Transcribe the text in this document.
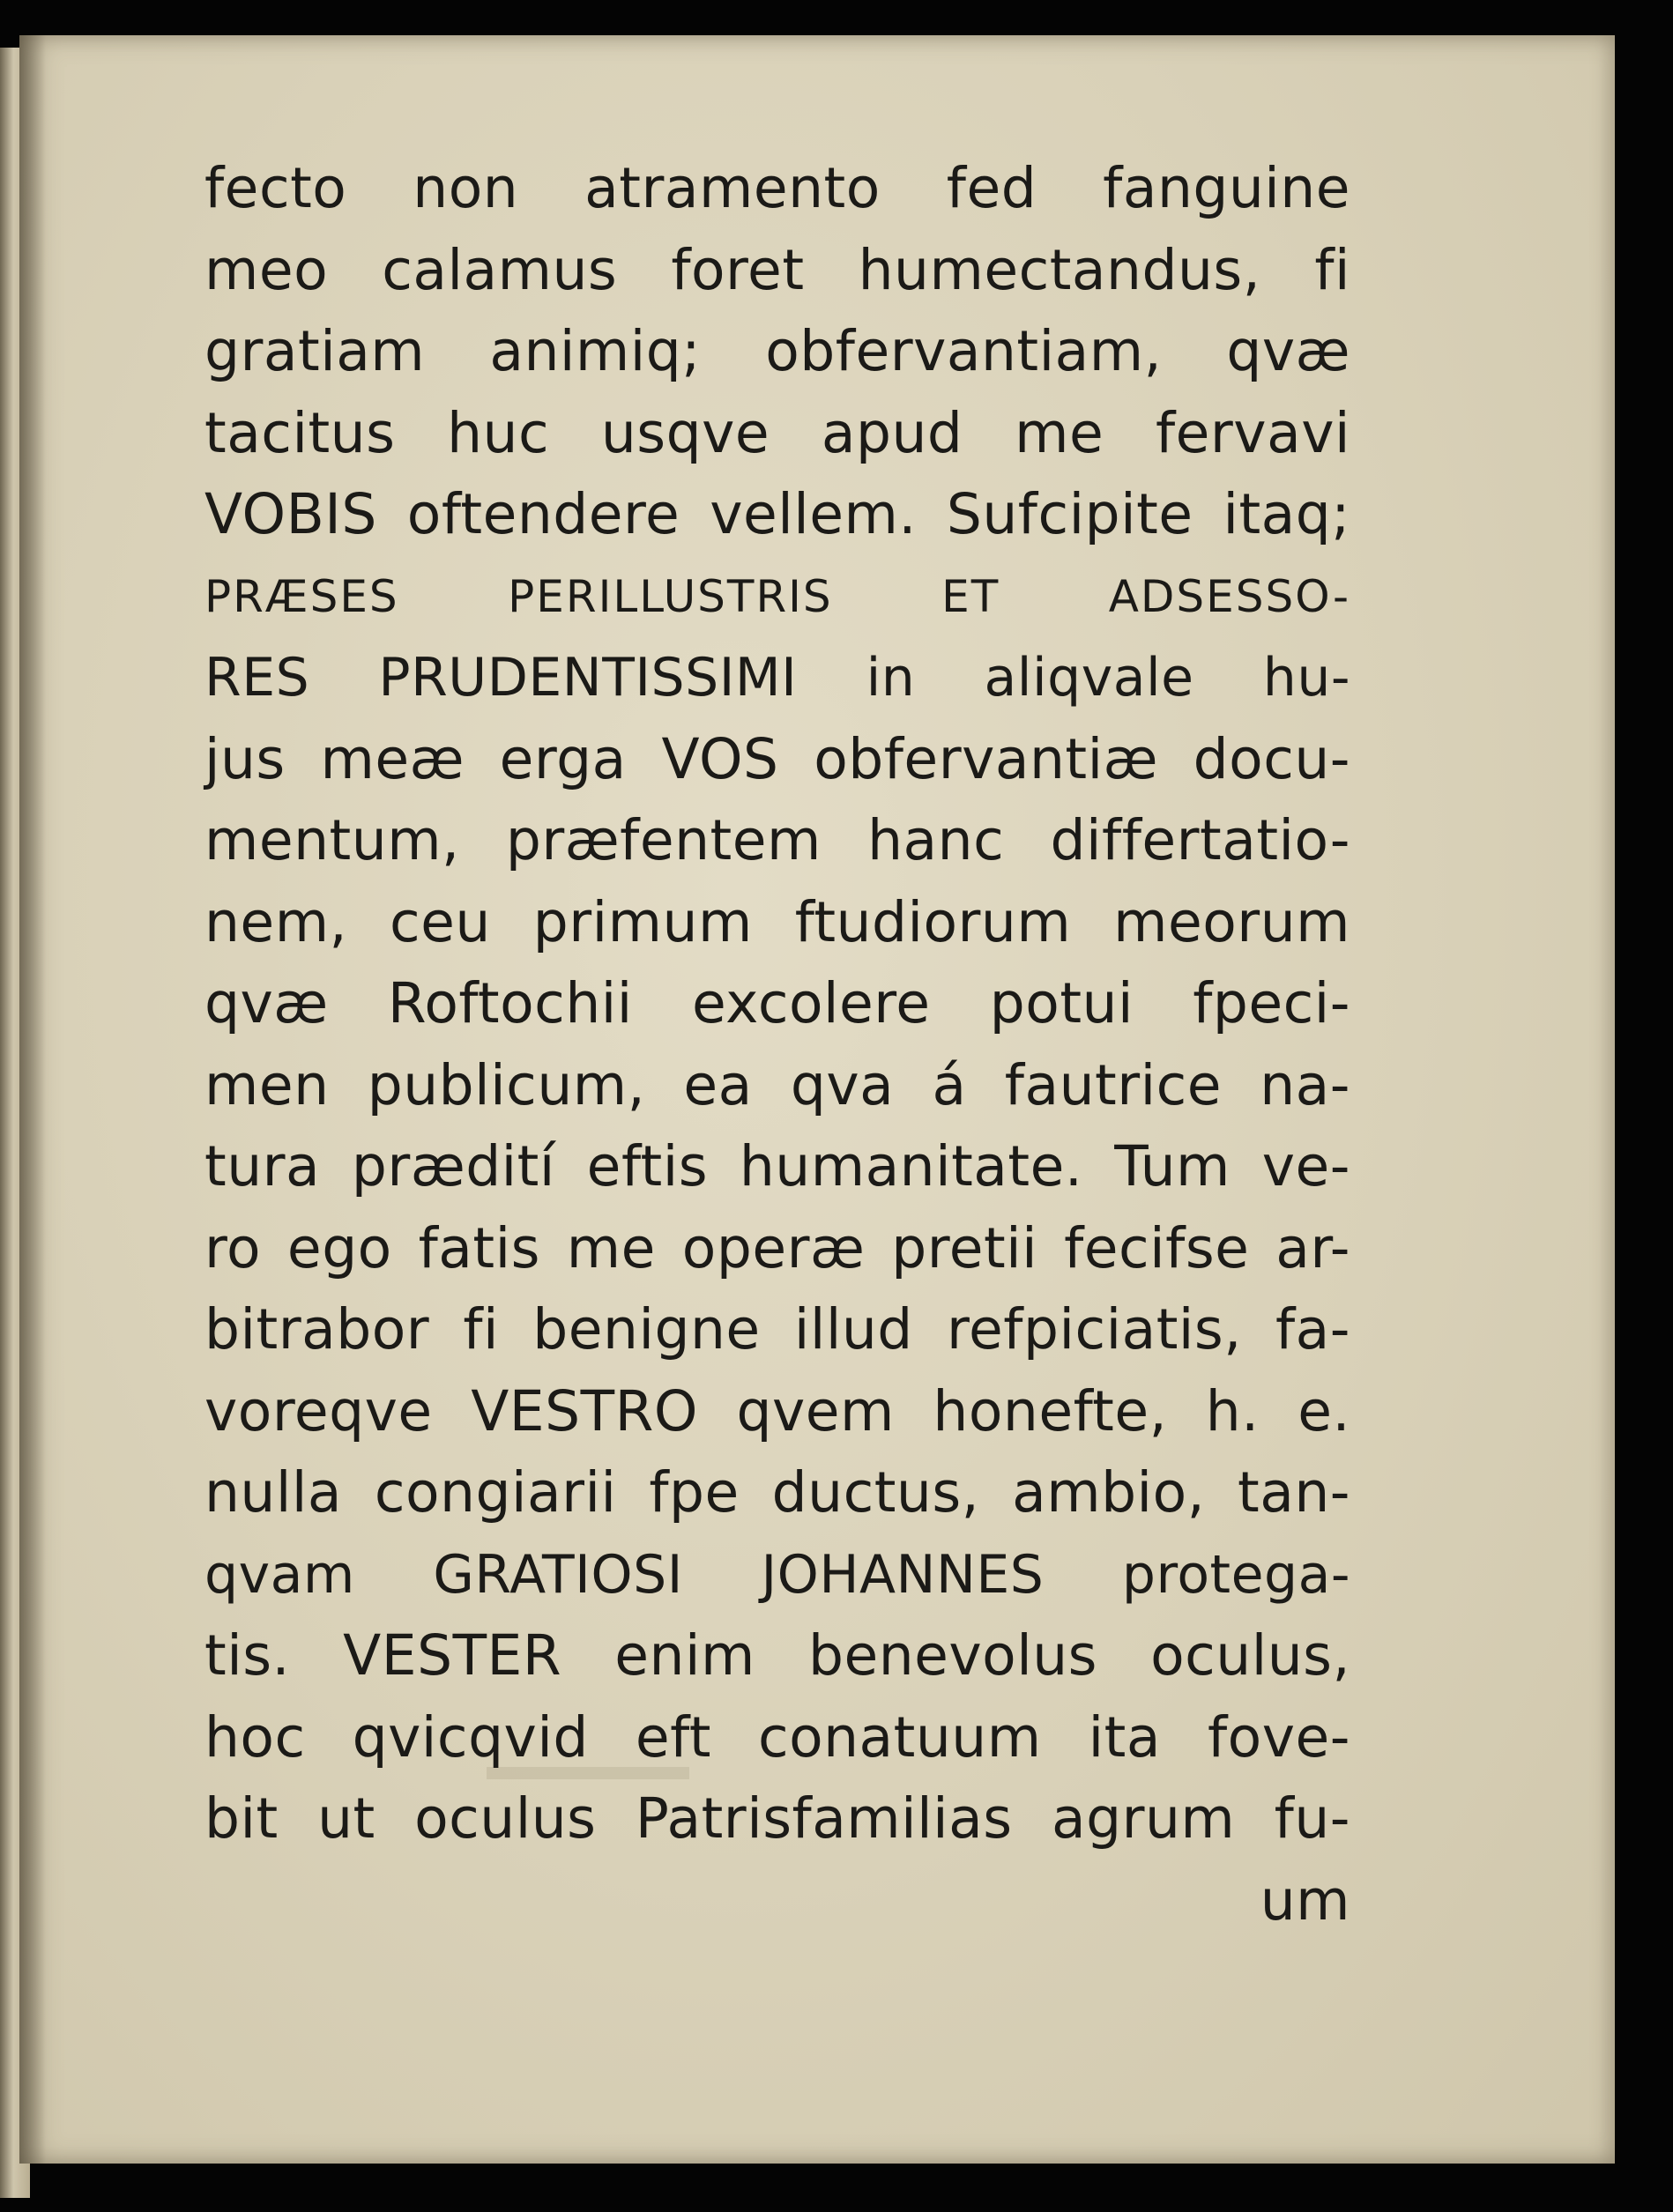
fecto non atramento fed fanguine
meo calamus foret humectandus, fi
gratiam animiq; obfervantiam, qvæ
tacitus huc usqve apud me fervavi
VOBIS oftendere vellem. Sufcipite itaq;
PRÆSES PERILLUSTRIS ET ADSESSO-
RES PRUDENTISSIMI in aliqvale hu-
jus meæ erga VOS obfervantiæ docu-
mentum, præfentem hanc differtatio-
nem, ceu primum ftudiorum meorum
qvæ Roftochii excolere potui fpeci-
men publicum, ea qva á fautrice na-
tura prædití eftis humanitate. Tum ve-
ro ego fatis me operæ pretii fecifse ar-
bitrabor fi benigne illud refpiciatis, fa-
voreqve VESTRO qvem honefte, h. e.
nulla congiarii fpe ductus, ambio, tan-
qvam GRATIOSI JOHANNES protega-
tis. VESTER enim benevolus oculus,
hoc qvicqvid eft conatuum ita fove-
bit ut oculus Patrisfamilias agrum fu-
um
